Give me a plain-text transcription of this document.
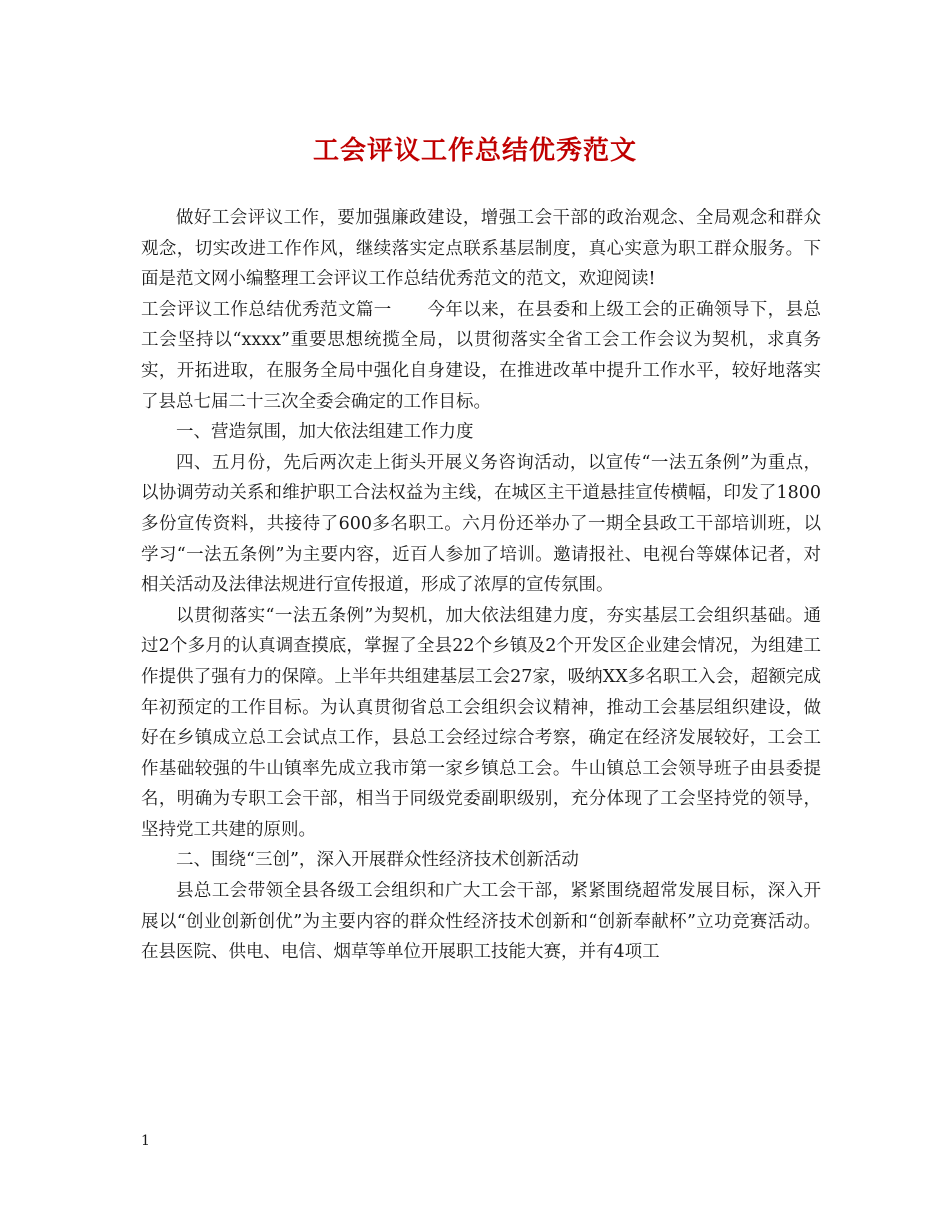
工会评议工作总结优秀范文

做好工会评议工作，要加强廉政建设，增强工会干部的政治观念、全局观念和群众观念，切实改进工作作风，继续落实定点联系基层制度，真心实意为职工群众服务。下面是范文网小编整理工会评议工作总结优秀范文的范文，欢迎阅读!

工会评议工作总结优秀范文篇一　　今年以来，在县委和上级工会的正确领导下，县总工会坚持以“xxxx”重要思想统揽全局，以贯彻落实全省工会工作会议为契机，求真务实，开拓进取，在服务全局中强化自身建设，在推进改革中提升工作水平，较好地落实了县总七届二十三次全委会确定的工作目标。

一、营造氛围，加大依法组建工作力度

四、五月份，先后两次走上街头开展义务咨询活动，以宣传“一法五条例”为重点，以协调劳动关系和维护职工合法权益为主线，在城区主干道悬挂宣传横幅，印发了1800多份宣传资料，共接待了600多名职工。六月份还举办了一期全县政工干部培训班，以学习“一法五条例”为主要内容，近百人参加了培训。邀请报社、电视台等媒体记者，对相关活动及法律法规进行宣传报道，形成了浓厚的宣传氛围。

以贯彻落实“一法五条例”为契机，加大依法组建力度，夯实基层工会组织基础。通过2个多月的认真调查摸底，掌握了全县22个乡镇及2个开发区企业建会情况，为组建工作提供了强有力的保障。上半年共组建基层工会27家，吸纳XX多名职工入会，超额完成年初预定的工作目标。为认真贯彻省总工会组织会议精神，推动工会基层组织建设，做好在乡镇成立总工会试点工作，县总工会经过综合考察，确定在经济发展较好，工会工作基础较强的牛山镇率先成立我市第一家乡镇总工会。牛山镇总工会领导班子由县委提名，明确为专职工会干部，相当于同级党委副职级别，充分体现了工会坚持党的领导，坚持党工共建的原则。

二、围绕“三创”，深入开展群众性经济技术创新活动

县总工会带领全县各级工会组织和广大工会干部，紧紧围绕超常发展目标，深入开展以“创业创新创优”为主要内容的群众性经济技术创新和“创新奉献杯”立功竞赛活动。在县医院、供电、电信、烟草等单位开展职工技能大赛，并有4项工

1
